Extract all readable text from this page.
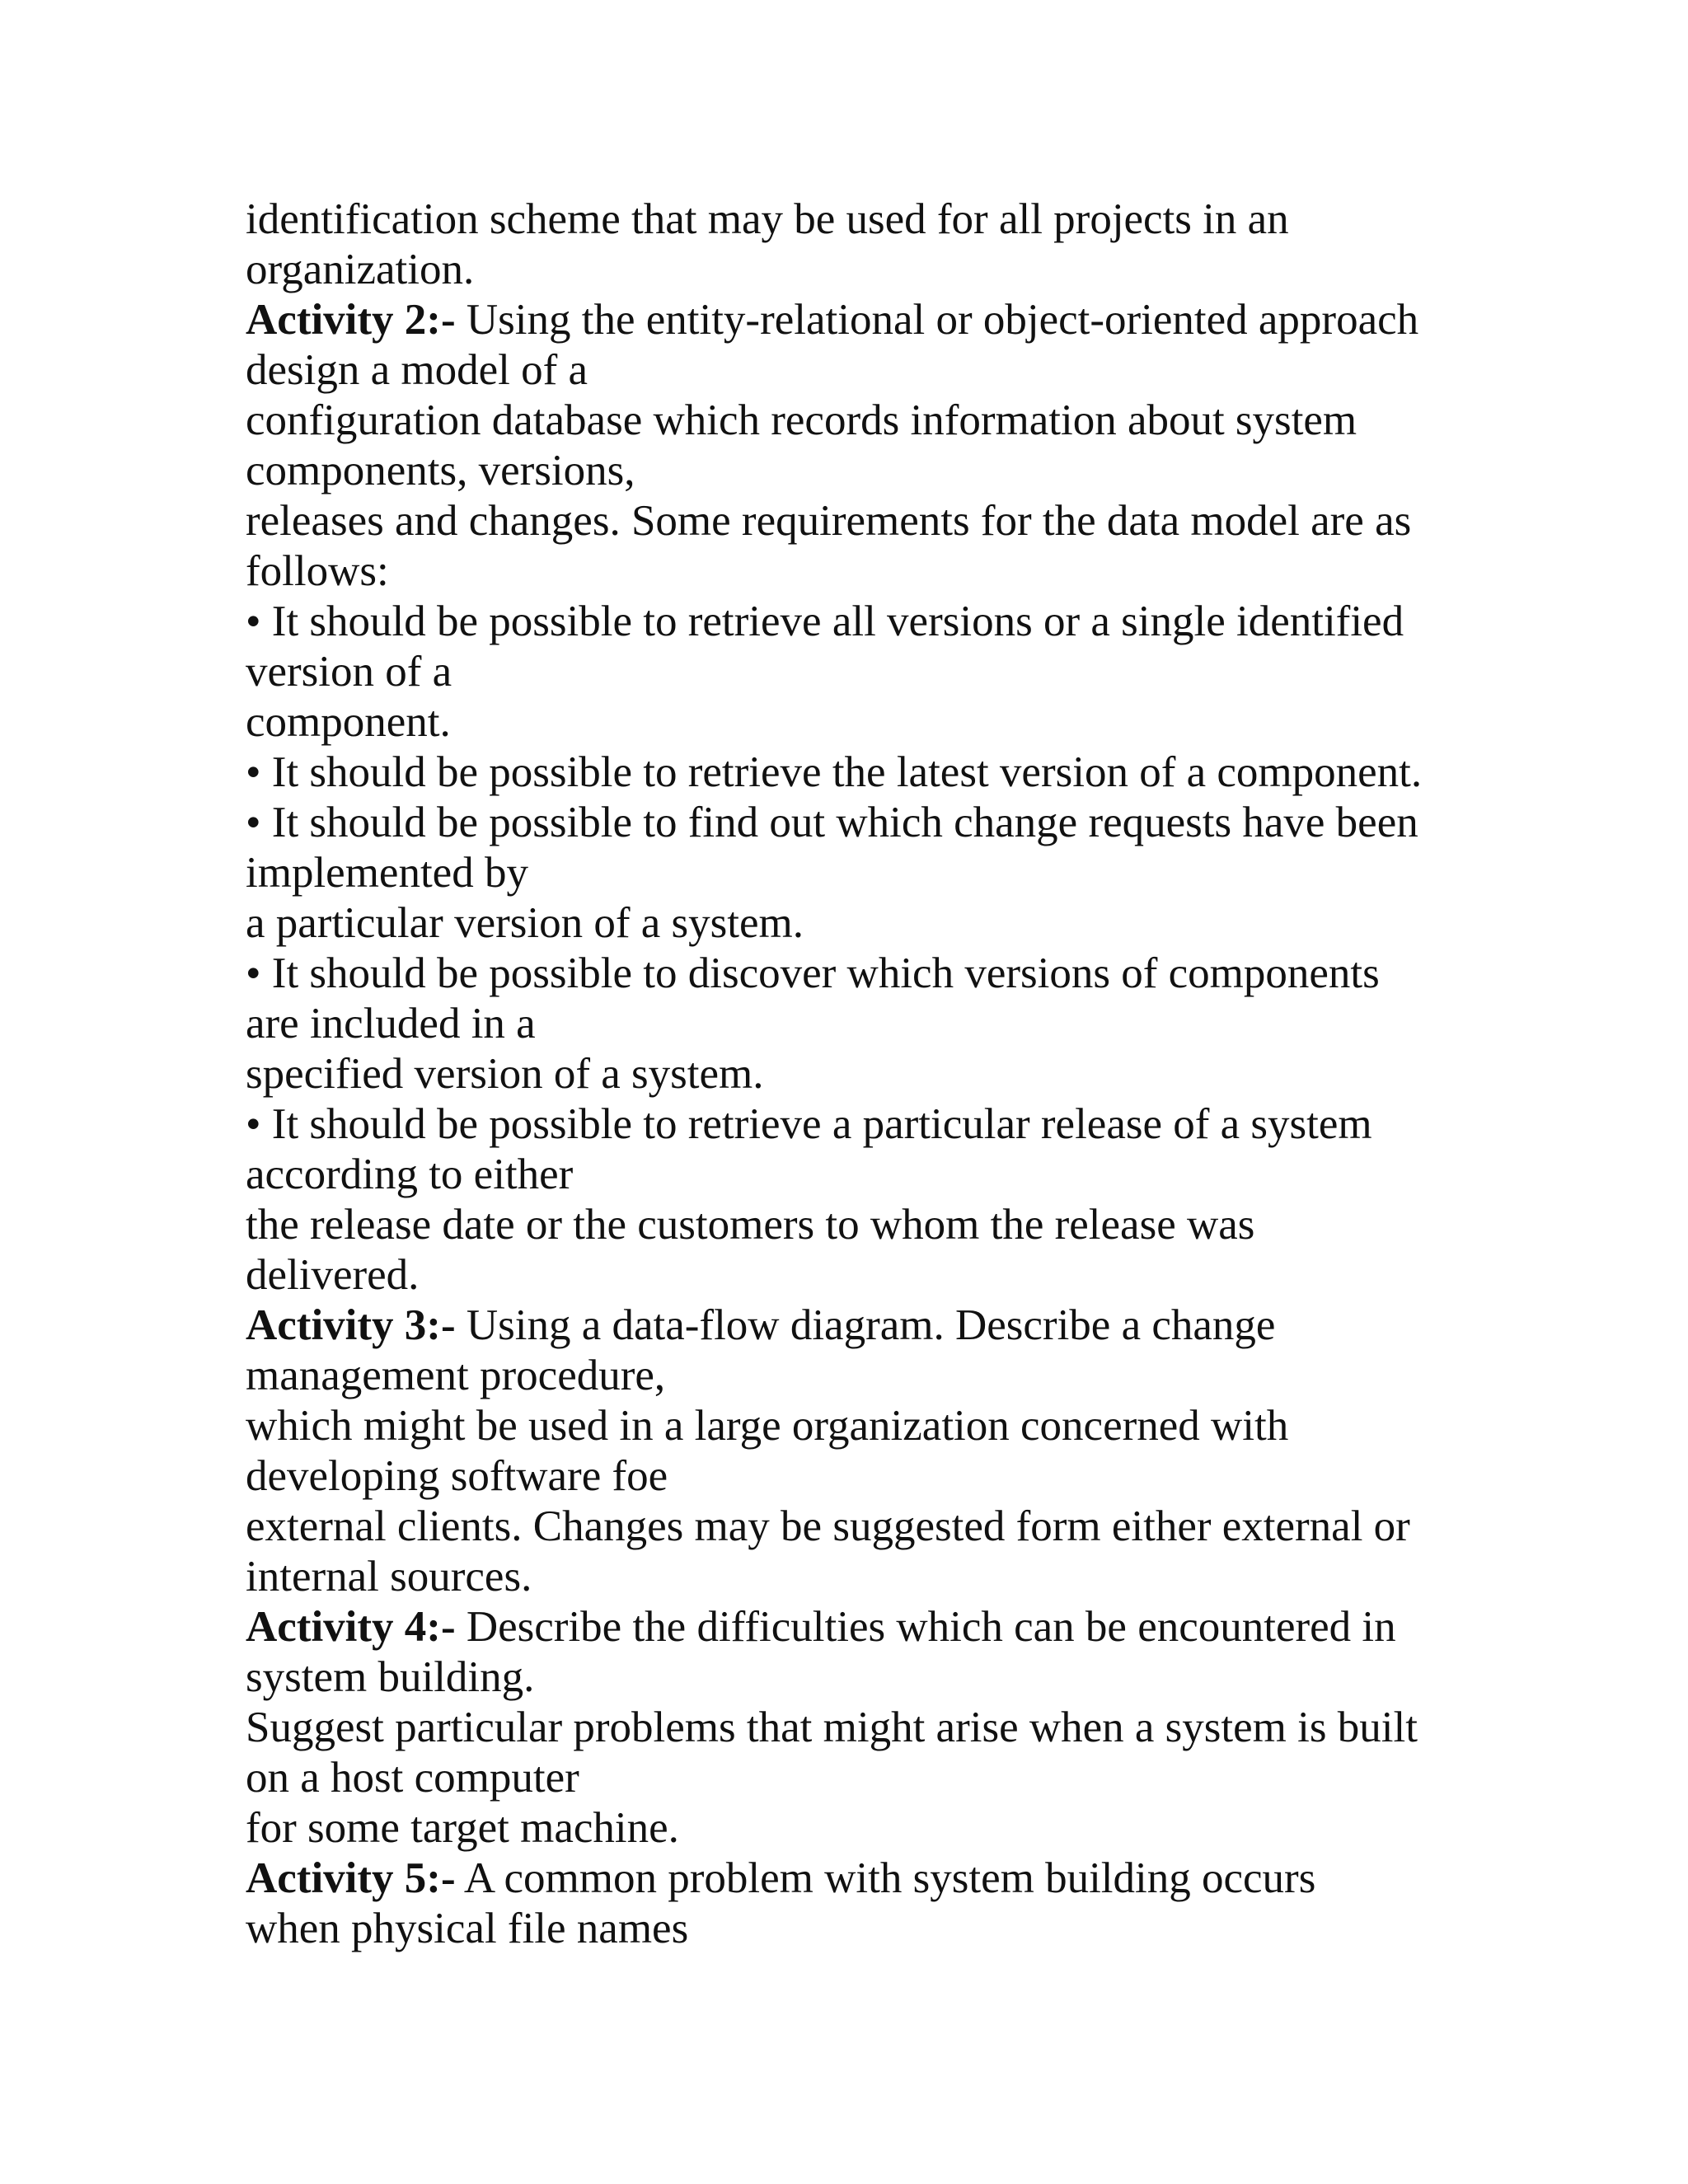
identification scheme that may be used for all projects in an
organization.
Activity 2:- Using the entity-relational or object-oriented approach
design a model of a
configuration database which records information about system
components, versions,
releases and changes. Some requirements for the data model are as
follows:
• It should be possible to retrieve all versions or a single identified
version of a
component.
• It should be possible to retrieve the latest version of a component.
• It should be possible to find out which change requests have been
implemented by
a particular version of a system.
• It should be possible to discover which versions of components
are included in a
specified version of a system.
• It should be possible to retrieve a particular release of a system
according to either
the release date or the customers to whom the release was
delivered.
Activity 3:- Using a data-flow diagram. Describe a change
management procedure,
which might be used in a large organization concerned with
developing software foe
external clients. Changes may be suggested form either external or
internal sources.
Activity 4:- Describe the difficulties which can be encountered in
system building.
Suggest particular problems that might arise when a system is built
on a host computer
for some target machine.
Activity 5:- A common problem with system building occurs
when physical file names
